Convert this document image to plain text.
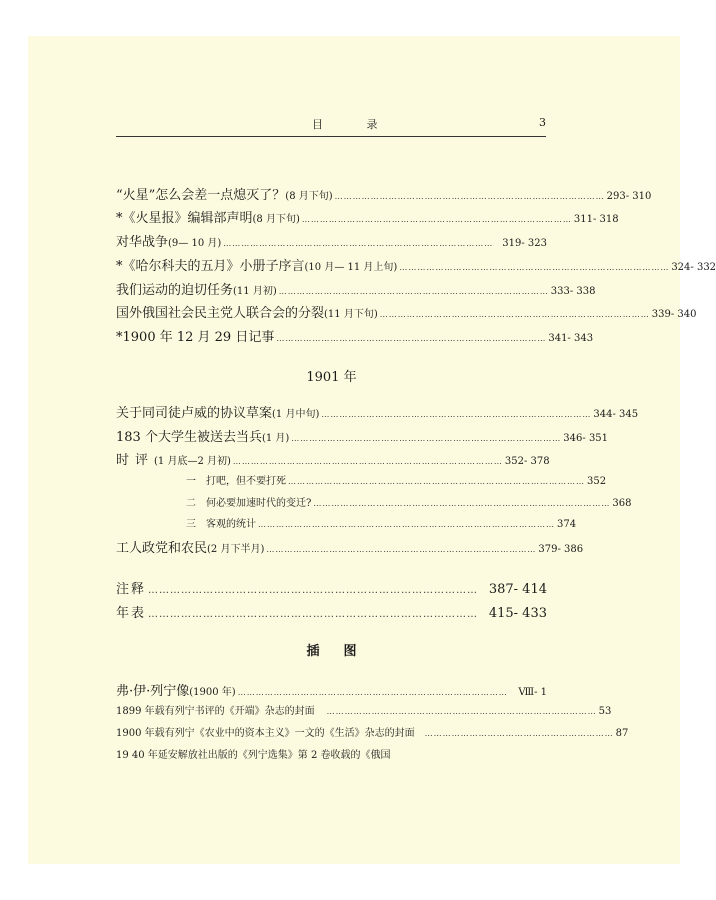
目 录	3
“火星”怎么会差一点熄灭了？ (8 月下旬) ……………………………………………………………………………… 293- 310
*《火星报》编辑部声明 (8 月下旬) ……………………………………………………………………………… 311- 318
对华战争 (9— 10 月) ……………………………………………………………………………… 319- 323
*《哈尔科夫的五月》小册子序言 (10 月— 11 月上旬) ……………………………………………………………………………… 324- 332
我们运动的迫切任务 (11 月初) ……………………………………………………………………………… 333- 338
国外俄国社会民主党人联合会的分裂 (11 月下旬) ……………………………………………………………………………… 339- 340
*1900 年 12 月 29 日记事 ……………………………………………………………………………… 341- 343
1901 年
关于同司徒卢威的协议草案 (1 月中旬) ……………………………………………………………………………… 344- 345
183 个大学生被送去当兵 (1 月) ……………………………………………………………………………… 346- 351
时评 (1 月底—2 月初) ……………………………………………………………………………… 352- 378
一　打吧，但不要打死 ……………………………………………………………………………………… 352
二　何必要加速时代的变迁? ……………………………………………………………………………………… 368
三　客观的统计 ……………………………………………………………………………………… 374
工人政党和农民 (2 月下半月) ……………………………………………………………………………… 379- 386
注释 ……………………………………………………………………………… 387- 414
年表 ……………………………………………………………………………… 415- 433
插图
弗·伊·列宁像 (1900 年) ………………………………………………………………………………	Ⅷ- 1
1899 年载有列宁书评的《开端》杂志的封面 ……………………………………………………………………………… 53
1900 年载有列宁《农业中的资本主义》一文的《生活》杂志的封面 ……………………………………………………… 87
19 40 年延安解放社出版的《列宁选集》第 2 卷收载的《俄国
